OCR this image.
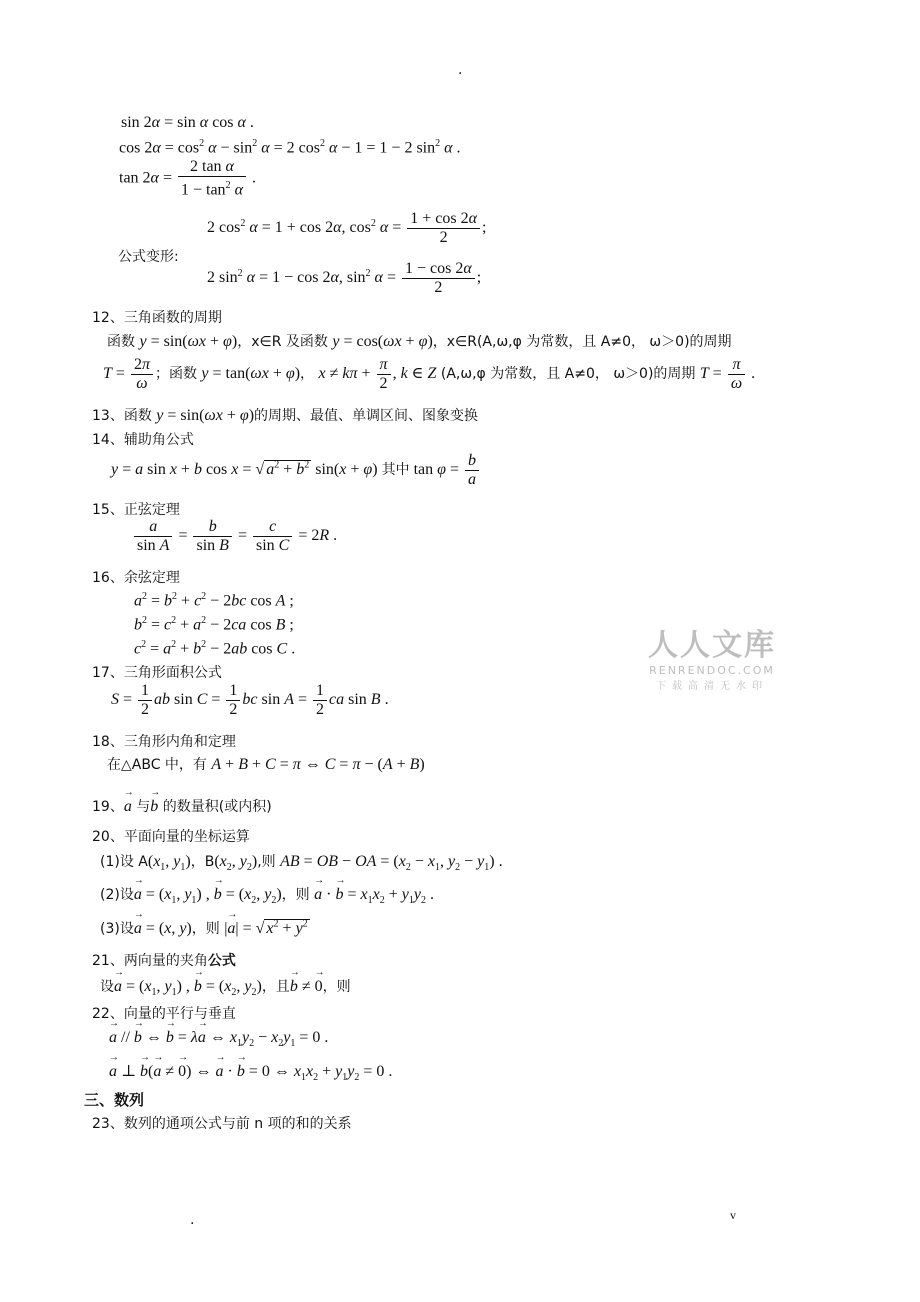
.
sin 2α = sin α cos α .
$\cos 2\alpha = \cos^2 \alpha - \sin^2 \alpha = 2$ $\cos^2 \alpha - 1 = 1 - 2$ $\sin^2 \alpha$ .
$\tan 2\alpha = \frac{\text{2 tan α}}{1 - \tan^2 \alpha}$ .
2 $\cos^2 \alpha = 1 + \cos 2\alpha$, $\cos^2 \alpha = \frac{1 + \cos 2\alpha}{2}$ ;
公式变形:
2 $\sin^2 \alpha = 1 - \cos 2\alpha$, $\sin^2 \alpha = \frac{1 - \cos 2\alpha}{2}$ ;
12、三角函数的周期
函数 y = sin(ωx + φ)，x∈R 及函数 y = cos(ωx + φ)，x∈R(A,ω,φ 为常数，且 A≠0， ω＞0)的周期
$T = \frac{2\pi}{\omega}$ ；函数 y = tan(ωx + φ)， $x \ne k\pi + \frac{\pi}{2}$ , k ∈ Z (A,ω,φ 为常数，且 A≠0， ω＞0)的周期 $T = \frac{\pi}{\omega}$ .
13、函数 y = sin(ωx + φ)的周期、最值、单调区间、图象变换
14、辅助角公式
y = a sin x + b cos x = √ $a^2 + b^2$ sin(x + φ) 其中 $\tan \varphi = \frac{b}{a}$
15、正弦定理
$\frac{a}{\text{sin A}} = \frac{b}{\text{sin B}} = \frac{c}{\text{sin C}} = 2R$ .
16、余弦定理
$a^2 = b^2 + c^2 - 2bc$ cos A ;
$b^2 = c^2 + a^2 - 2ca$ cos B ;
$c^2 = a^2 + b^2 - 2ab$ cos C .
17、三角形面积公式
$S = \frac{1}{2}$ ab $\sin C = \frac{1}{2}$ bc $\sin A = \frac{1}{2}$ ca sin B .
18、三角形内角和定理
在△ABC 中，有 A + B + C = π ⇔ C = π − (A + B)
19、→ a 与→ b 的数量积(或内积)
20、平面向量的坐标运算
(1)设 $A(x_1$, $y_1$)，$B(x_2$, $y_2$),则 AB = OB − OA = ($x_2 - x_1$, $y_2 - y_1$) .
(2)设→ $a = (x_1$, $y_1$) , → $b = (x_2$, $y_2$)，则 → a · → $b = x_1x_2 + y_1y_2$ .
(3)设→ a = (x, y)，则 |→ a| = √ $x^2 + y^2$
21、两向量的夹角公式
设→ $a = (x_1$, $y_1$) , → $b = (x_2$, $y_2$)，且→ b ≠ → 0，则
22、向量的平行与垂直
→ a // → b ⇔ → b = λ→ a ⇔ $x_1y_2 - x_2y_1 = 0$ .
→ a ⊥ → b(→ a ≠ → 0) ⇔ → a · → b = 0 ⇔ $x_1x_2 + y_1y_2 = 0$ .
三、数列
23、数列的通项公式与前 n 项的和的关系
人人文库
RENRENDOC.COM
下载高清无水印
.	v
